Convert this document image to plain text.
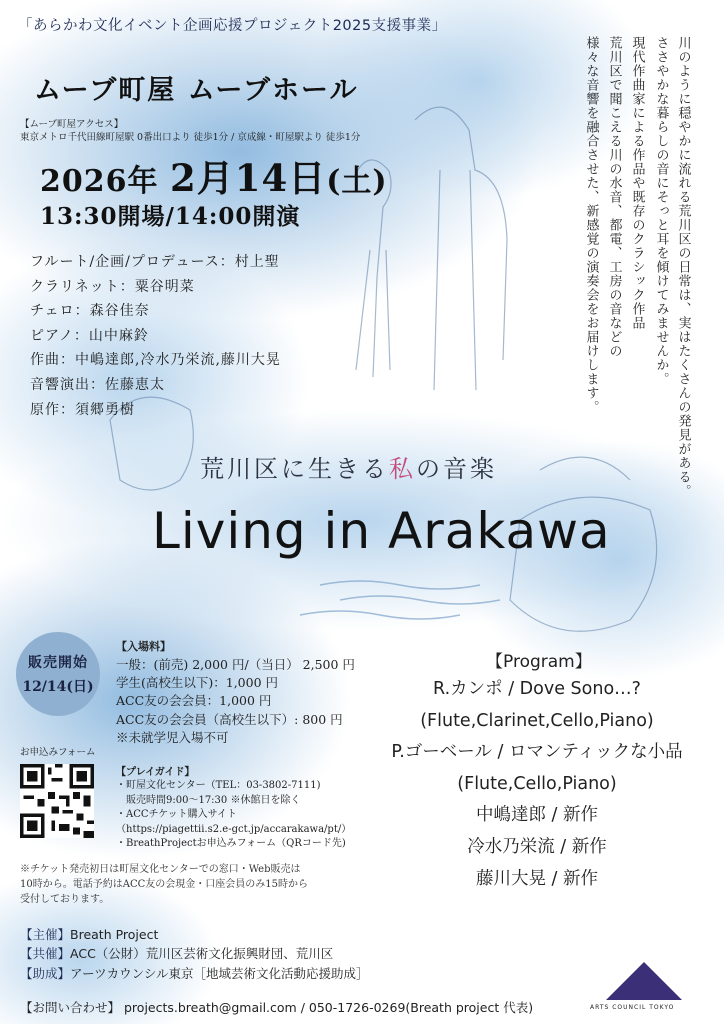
「あらかわ文化イベント企画応援プロジェクト2025支援事業」
ムーブ町屋 ムーブホール
【ムーブ町屋アクセス】
東京メトロ千代田線町屋駅 0番出口より 徒歩1分 / 京成線・町屋駅より 徒歩1分
2026年 2月14日(土)
13:30開場/14:00開演
フルート/企画/プロデュース：村上聖
クラリネット：粟谷明菜
チェロ：森谷佳奈
ピアノ：山中麻鈴
作曲：中嶋達郎,冷水乃栄流,藤川大晃
音響演出：佐藤恵太
原作：須郷勇樹	川のように穏やかに流れる荒川区の日常は、実はたくさんの発見がある。
ささやかな暮らしの音にそっと耳を傾けてみませんか。
現代作曲家による作品や既存のクラシック作品
荒川区で聞こえる川の水音、都電、工房の音などの
様々な音響を融合させた、新感覚の演奏会をお届けします。
荒川区に生きる私の音楽
Living in Arakawa
販売開始
12/14(日)
【入場料】
一般：(前売) 2,000 円/（当日） 2,500 円
学生(高校生以下)：1,000 円
ACC友の会会員：1,000 円
ACC友の会会員（高校生以下）: 800 円
※未就学児入場不可
お申込みフォーム
【プレイガイド】
・町屋文化センター（TEL：03-3802-7111)
　販売時間9:00～17:30 ※休館日を除く
・ACCチケット購入サイト
（https://piagettii.s2.e-gct.jp/accarakawa/pt/）
・BreathProjectお申込みフォーム（QRコード先)
※チケット発売初日は町屋文化センターでの窓口・Web販売は
10時から。電話予約はACC友の会現金・口座会員のみ15時から
受付しております。
【Program】
R.カンポ / Dove Sono…?
(Flute,Clarinet,Cello,Piano)
P.ゴーベール / ロマンティックな小品
(Flute,Cello,Piano)
中嶋達郎 / 新作
冷水乃栄流 / 新作
藤川大晃 / 新作
【主催】Breath Project
【共催】ACC（公財）荒川区芸術文化振興財団、荒川区
【助成】アーツカウンシル東京［地域芸術文化活動応援助成］
【お問い合わせ】 projects.breath@gmail.com / 050-1726-0269(Breath project 代表)	ARTS COUNCIL TOKYO
